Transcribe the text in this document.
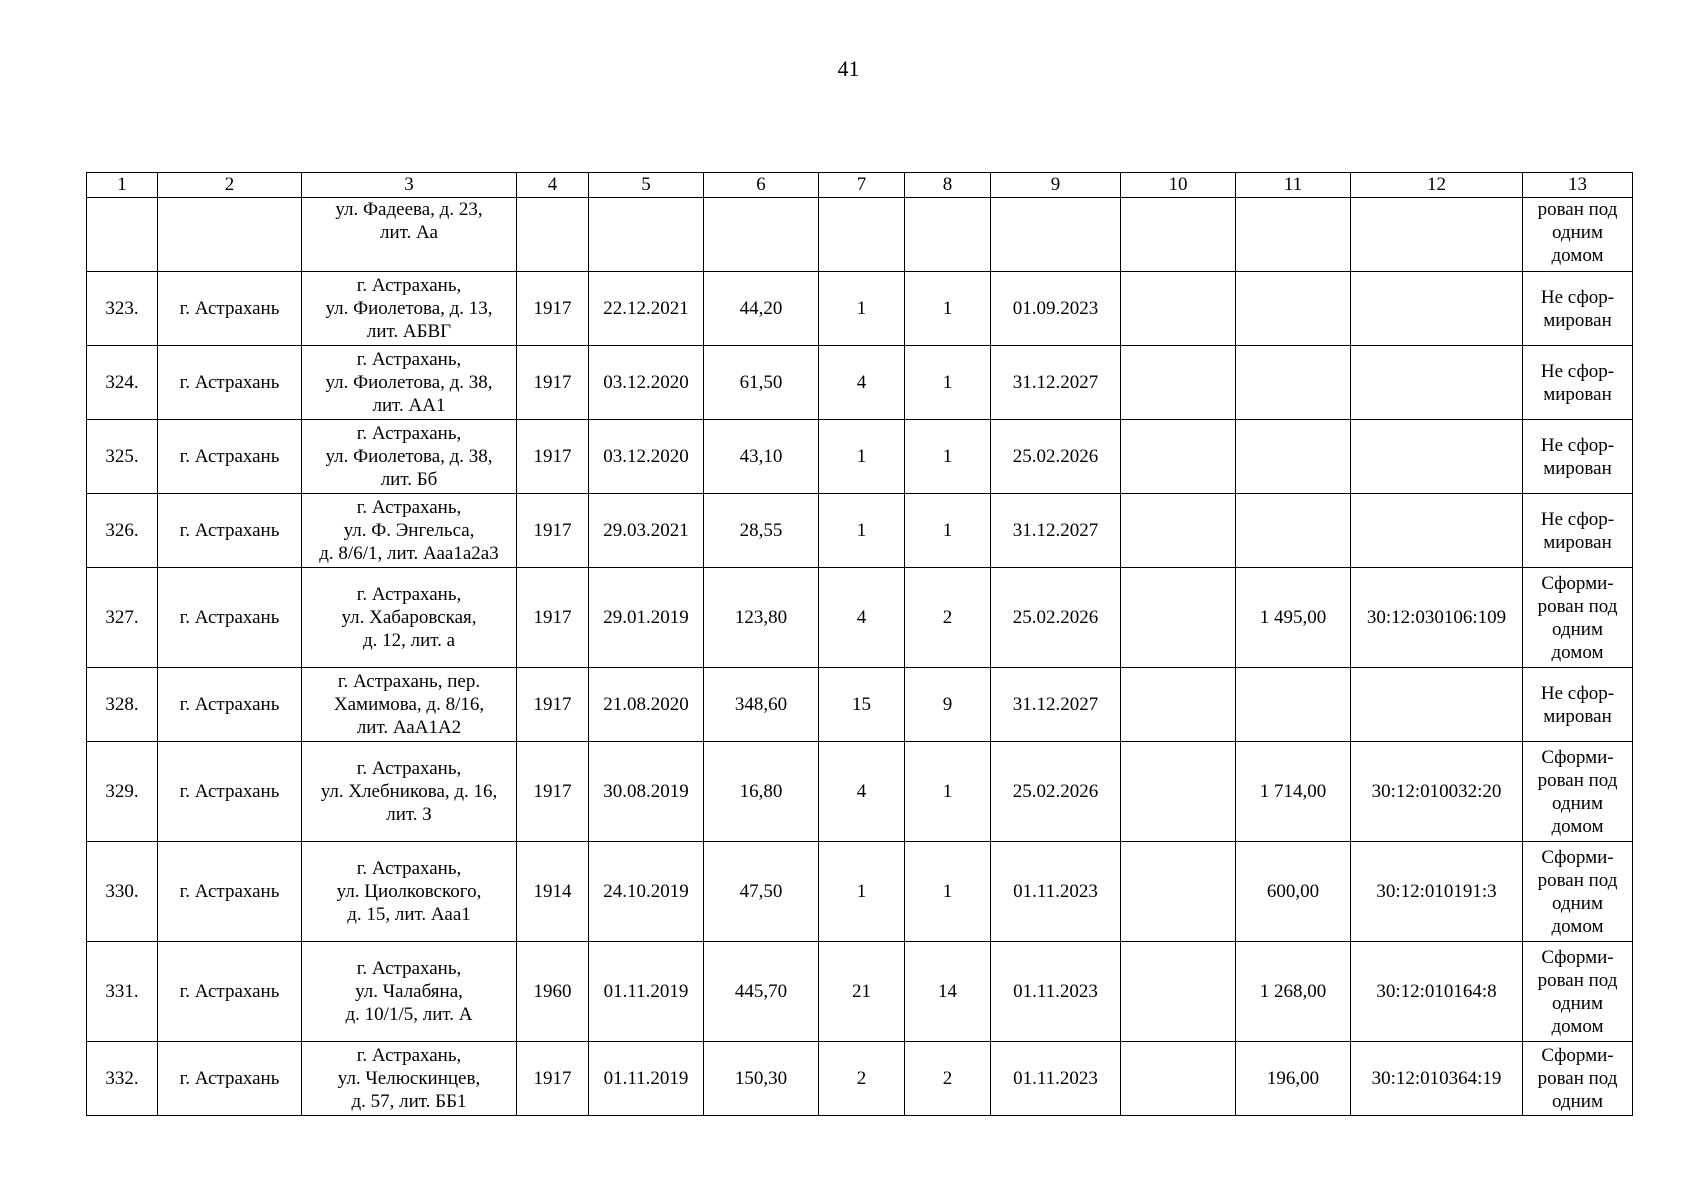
41
1	2	3	4	5	6	7	8	9	10	11	12	13

		ул. Фадеева, д. 23,
лит. Аа										рован под
одним
домом

323.	г. Астрахань	г. Астрахань,
ул. Фиолетова, д. 13,
лит. АБВГ	1917	22.12.2021	44,20	1	1	01.09.2023				Не сфор-
мирован

324.	г. Астрахань	г. Астрахань,
ул. Фиолетова, д. 38,
лит. АА1	1917	03.12.2020	61,50	4	1	31.12.2027				Не сфор-
мирован

325.	г. Астрахань	г. Астрахань,
ул. Фиолетова, д. 38,
лит. Бб	1917	03.12.2020	43,10	1	1	25.02.2026				Не сфор-
мирован

326.	г. Астрахань	г. Астрахань,
ул. Ф. Энгельса,
д. 8/6/1, лит. Ааа1а2а3	1917	29.03.2021	28,55	1	1	31.12.2027				Не сфор-
мирован

327.	г. Астрахань	г. Астрахань,
ул. Хабаровская,
д. 12, лит. а	1917	29.01.2019	123,80	4	2	25.02.2026		1 495,00	30:12:030106:109	Сформи-
рован под
одним
домом

328.	г. Астрахань	г. Астрахань, пер.
Хамимова, д. 8/16,
лит. АаА1А2	1917	21.08.2020	348,60	15	9	31.12.2027				Не сфор-
мирован

329.	г. Астрахань	г. Астрахань,
ул. Хлебникова, д. 16,
лит. З	1917	30.08.2019	16,80	4	1	25.02.2026		1 714,00	30:12:010032:20	Сформи-
рован под
одним
домом

330.	г. Астрахань	г. Астрахань,
ул. Циолковского,
д. 15, лит. Ааа1	1914	24.10.2019	47,50	1	1	01.11.2023		600,00	30:12:010191:3	Сформи-
рован под
одним
домом

331.	г. Астрахань	г. Астрахань,
ул. Чалабяна,
д. 10/1/5, лит. А	1960	01.11.2019	445,70	21	14	01.11.2023		1 268,00	30:12:010164:8	Сформи-
рован под
одним
домом

332.	г. Астрахань	г. Астрахань,
ул. Челюскинцев,
д. 57, лит. ББ1	1917	01.11.2019	150,30	2	2	01.11.2023		196,00	30:12:010364:19	Сформи-
рован под
одним
